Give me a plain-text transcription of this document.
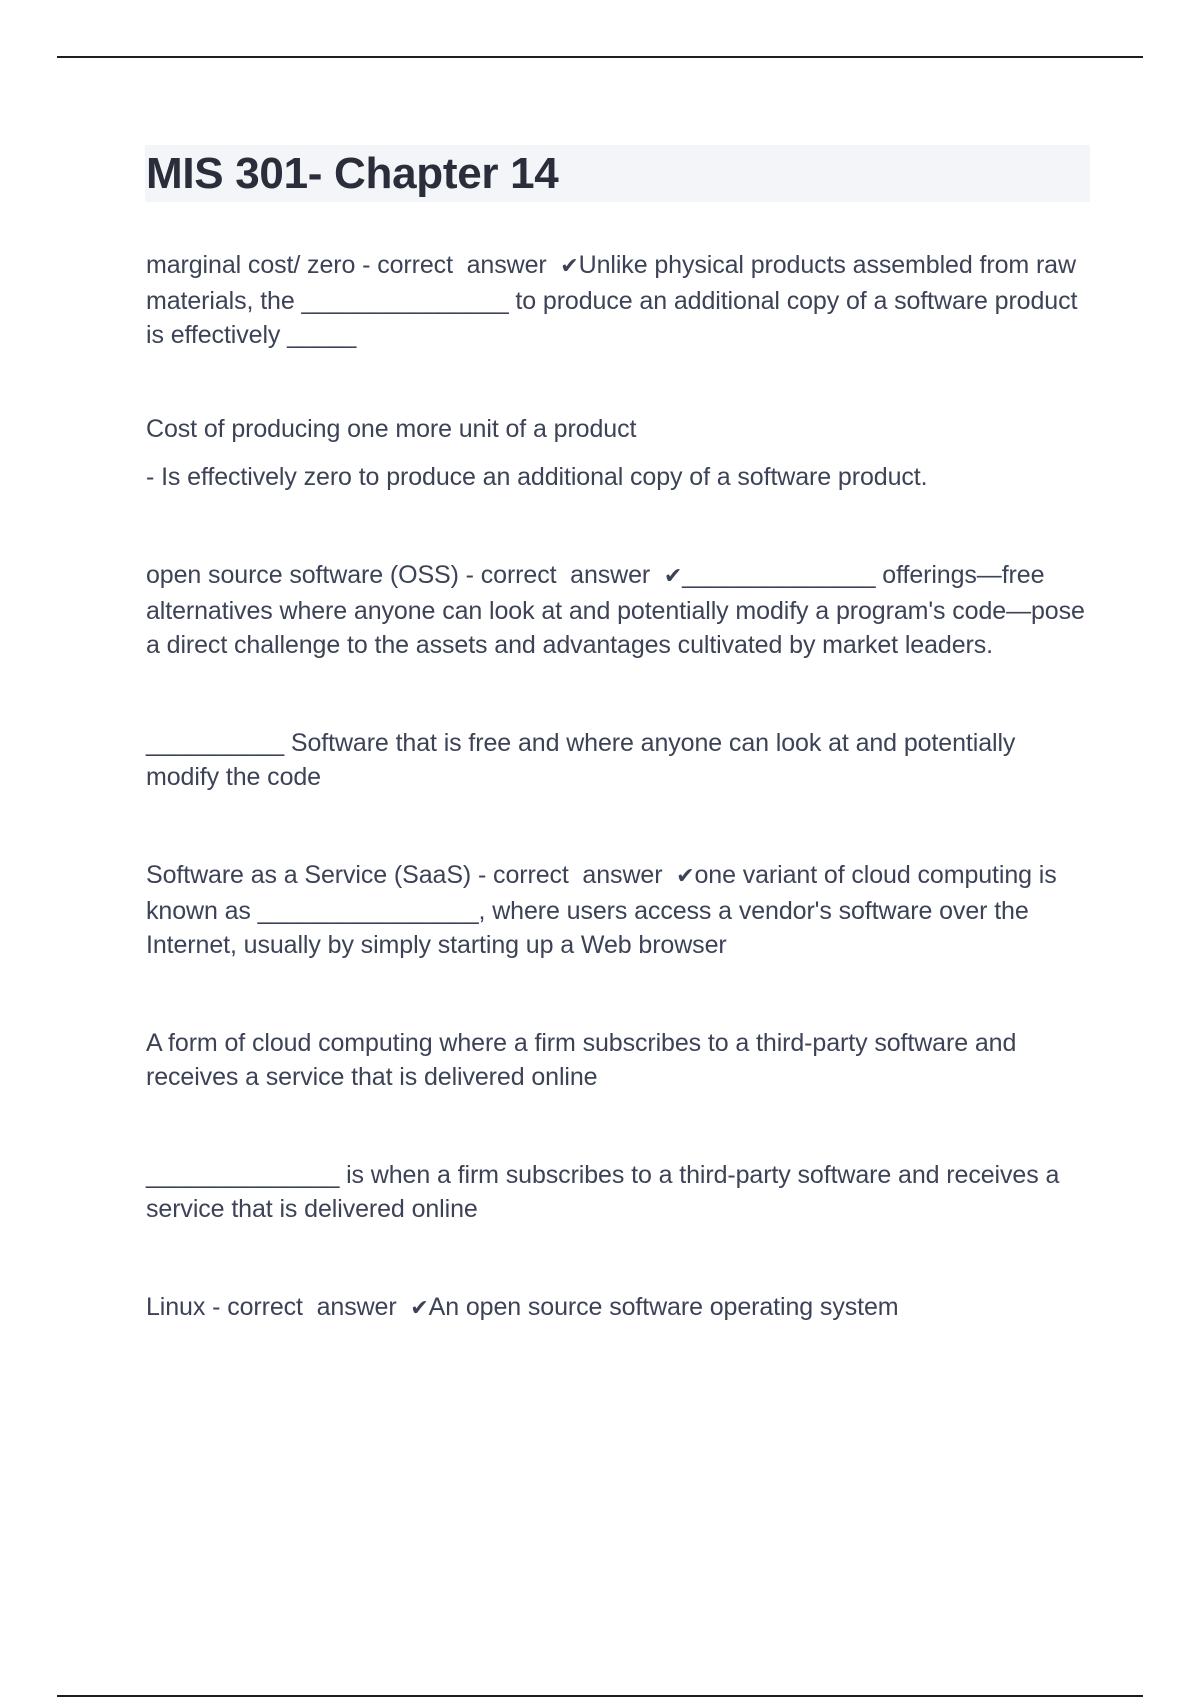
MIS 301- Chapter 14

marginal cost/ zero - correct  answer  ✔Unlike physical products assembled from raw materials, the _______________ to produce an additional copy of a software product is effectively _____

Cost of producing one more unit of a product

- Is effectively zero to produce an additional copy of a software product.

open source software (OSS) - correct  answer  ✔______________ offerings—free alternatives where anyone can look at and potentially modify a program's code—pose a direct challenge to the assets and advantages cultivated by market leaders.

__________ Software that is free and where anyone can look at and potentially modify the code

Software as a Service (SaaS) - correct  answer  ✔one variant of cloud computing is known as ________________, where users access a vendor's software over the Internet, usually by simply starting up a Web browser

A form of cloud computing where a firm subscribes to a third-party software and receives a service that is delivered online

______________ is when a firm subscribes to a third-party software and receives a service that is delivered online

Linux - correct  answer  ✔An open source software operating system
